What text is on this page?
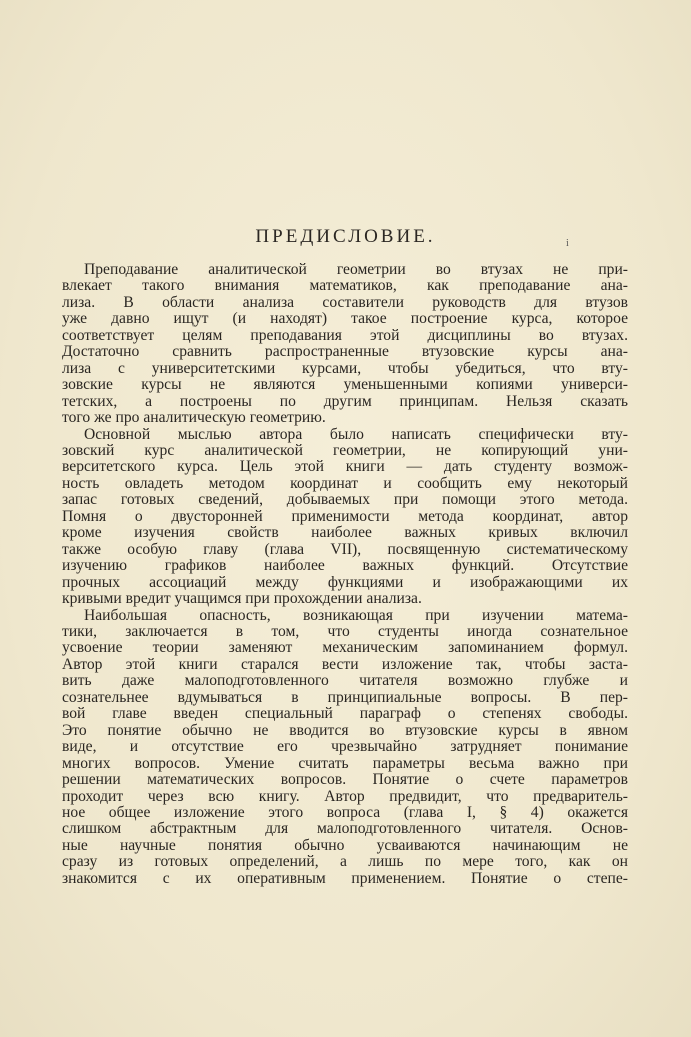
i
ПРЕДИСЛОВИЕ.
Преподавание аналитической геометрии во втузах не при-
влекает такого внимания математиков, как преподавание ана-
лиза. В области анализа составители руководств для втузов
уже давно ищут (и находят) такое построение курса, которое
соответствует целям преподавания этой дисциплины во втузах.
Достаточно сравнить распространенные втузовские курсы ана-
лиза с университетскими курсами, чтобы убедиться, что вту-
зовские курсы не являются уменьшенными копиями универси-
тетских, а построены по другим принципам. Нельзя сказать
того же про аналитическую геометрию.
Основной мыслью автора было написать специфически вту-
зовский курс аналитической геометрии, не копирующий уни-
верситетского курса. Цель этой книги — дать студенту возмож-
ность овладеть методом координат и сообщить ему некоторый
запас готовых сведений, добываемых при помощи этого метода.
Помня о двусторонней применимости метода координат, автор
кроме изучения свойств наиболее важных кривых включил
также особую главу (глава VII), посвященную систематическому
изучению графиков наиболее важных функций. Отсутствие
прочных ассоциаций между функциями и изображающими их
кривыми вредит учащимся при прохождении анализа.
Наибольшая опасность, возникающая при изучении матема-
тики, заключается в том, что студенты иногда сознательное
усвоение теории заменяют механическим запоминанием формул.
Автор этой книги старался вести изложение так, чтобы заста-
вить даже малоподготовленного читателя возможно глубже и
сознательнее вдумываться в принципиальные вопросы. В пер-
вой главе введен специальный параграф о степенях свободы.
Это понятие обычно не вводится во втузовские курсы в явном
виде, и отсутствие его чрезвычайно затрудняет понимание
многих вопросов. Умение считать параметры весьма важно при
решении математических вопросов. Понятие о счете параметров
проходит через всю книгу. Автор предвидит, что предваритель-
ное общее изложение этого вопроса (глава I, § 4) окажется
слишком абстрактным для малоподготовленного читателя. Основ-
ные научные понятия обычно усваиваются начинающим не
сразу из готовых определений, а лишь по мере того, как он
знакомится с их оперативным применением. Понятие о степе-
